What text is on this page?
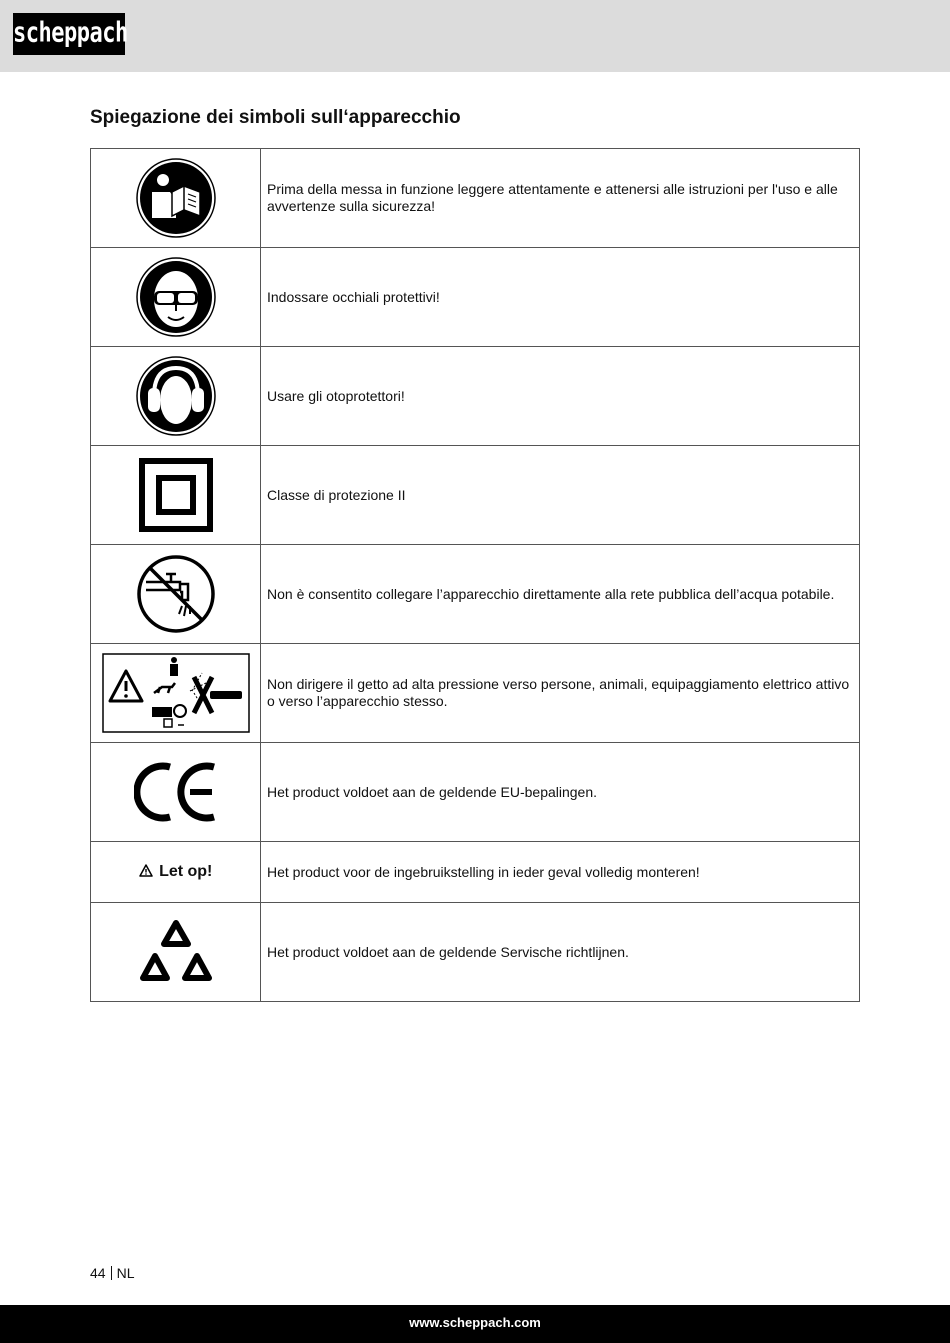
scheppach
Spiegazione dei simboli sull‘apparecchio
	Prima della messa in funzione leggere attentamente e attenersi alle istruzioni per l'uso e alle avvertenze sulla sicurezza!

	Indossare occhiali protettivi!

	Usare gli otoprotettori!

	Classe di protezione II

	Non è consentito collegare l’apparecchio direttamente alla rete pubblica dell’acqua potabile.

	Non dirigere il getto ad alta pressione verso persone, animali, equipaggiamento elettrico attivo o verso l’apparecchio stesso.

	Het product voldoet aan de geldende EU-bepalingen.
Let op!	Het product voor de ingebruikstelling in ieder geval volledig monteren!

	Het product voldoet aan de geldende Servische richtlijnen.
44 NL
www.scheppach.com
